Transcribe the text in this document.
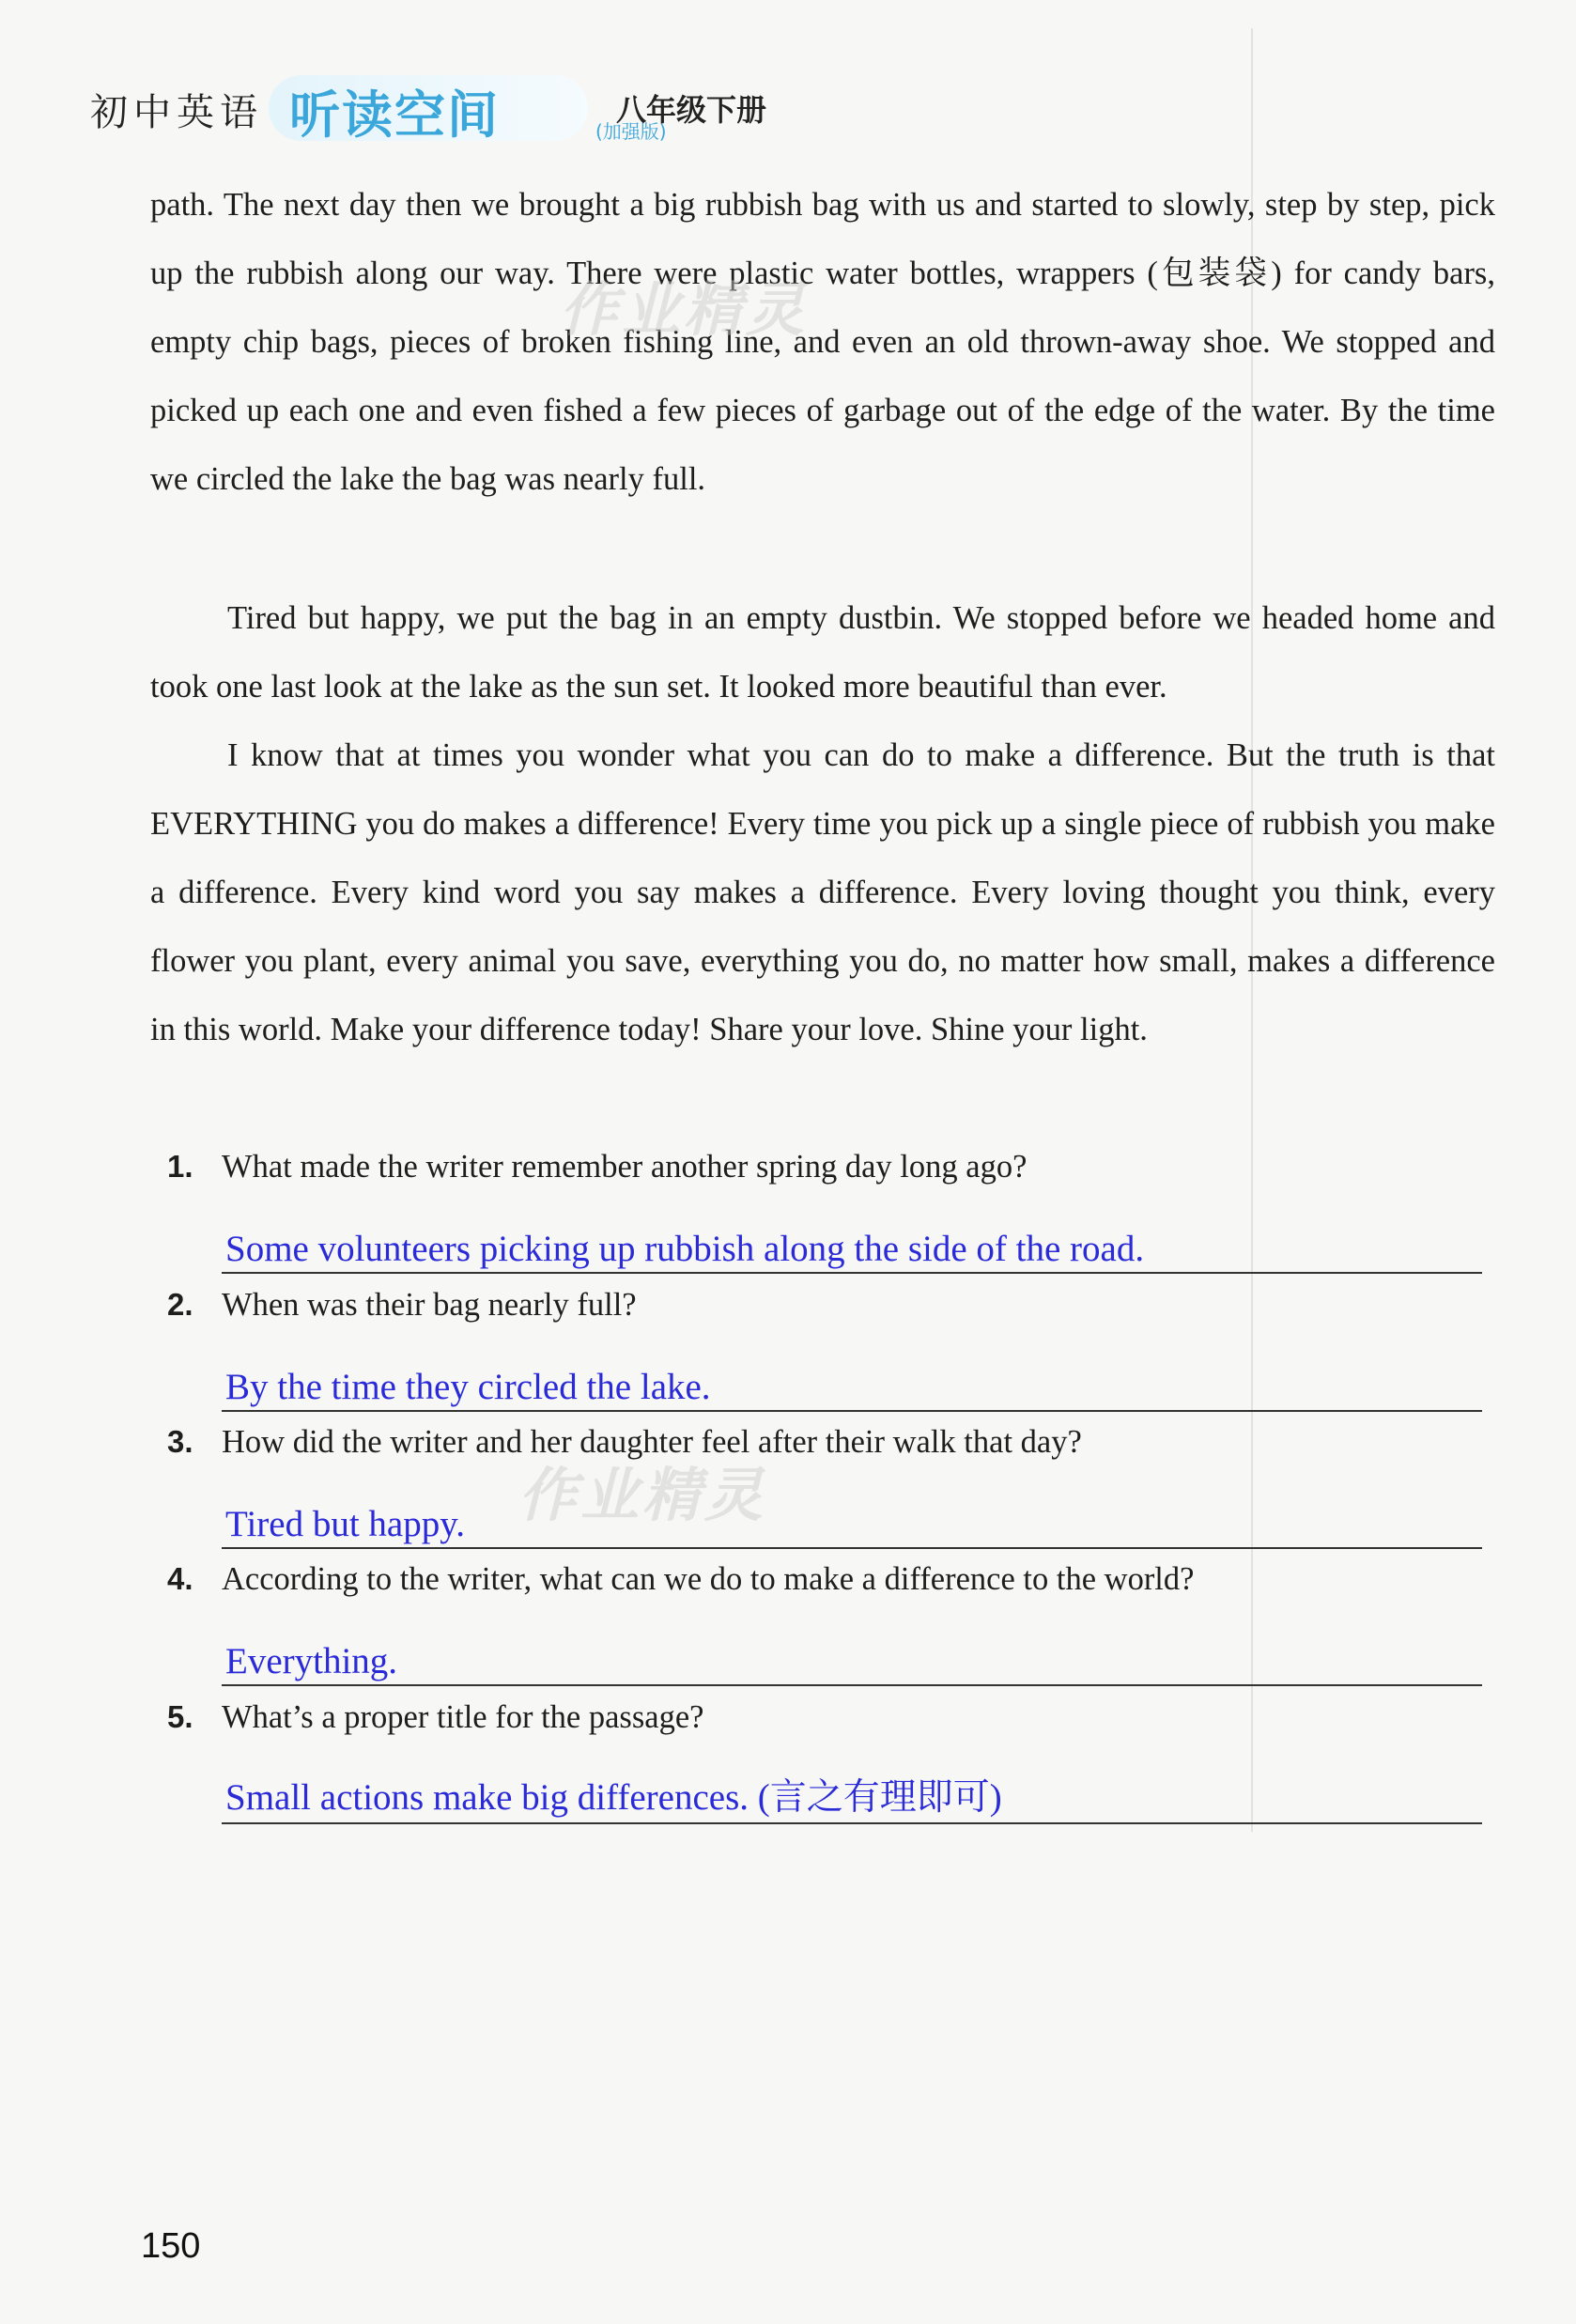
初中英语 听读空间	(加强版)
八年级下册
path. The next day then we brought a big rubbish bag with us and started to slowly, step by step, pick up the rubbish along our way. There were plastic water bottles, wrappers (包装袋) for candy bars, empty chip bags, pieces of broken fishing line, and even an old thrown-away shoe. We stopped and picked up each one and even fished a few pieces of garbage out of the edge of the water. By the time we circled the lake the bag was nearly full.
Tired but happy, we put the bag in an empty dustbin. We stopped before we headed home and took one last look at the lake as the sun set. It looked more beautiful than ever.
I know that at times you wonder what you can do to make a difference. But the truth is that EVERYTHING you do makes a difference! Every time you pick up a single piece of rubbish you make a difference. Every kind word you say makes a difference. Every loving thought you think, every flower you plant, every animal you save, everything you do, no matter how small, makes a difference in this world. Make your difference today! Share your love. Shine your light.
1. What made the writer remember another spring day long ago?
Some volunteers picking up rubbish along the side of the road.
2. When was their bag nearly full?
By the time they circled the lake.
3. How did the writer and her daughter feel after their walk that day?
Tired but happy.
4. According to the writer, what can we do to make a difference to the world?
Everything.
5. What’s a proper title for the passage?
Small actions make big differences. (言之有理即可)
作业精灵
作业精灵
150
